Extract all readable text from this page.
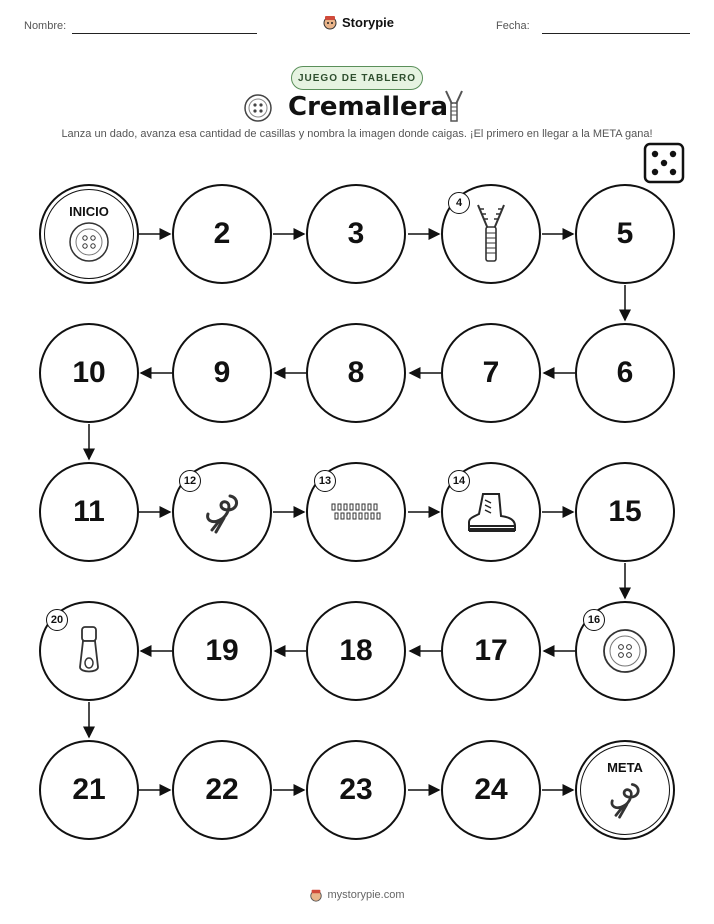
Nombre:	Storypie	Fecha:
JUEGO DE TABLERO
Cremallera
Lanza un dado, avanza esa cantidad de casillas y nombra la imagen donde caigas. ¡El primero en llegar a la META gana!
INICIO
2	3
4
5
10	9	8	7	6
11
12	13	14
15
20
19	18	17
16
21	22	23	24
META
mystorypie.com
